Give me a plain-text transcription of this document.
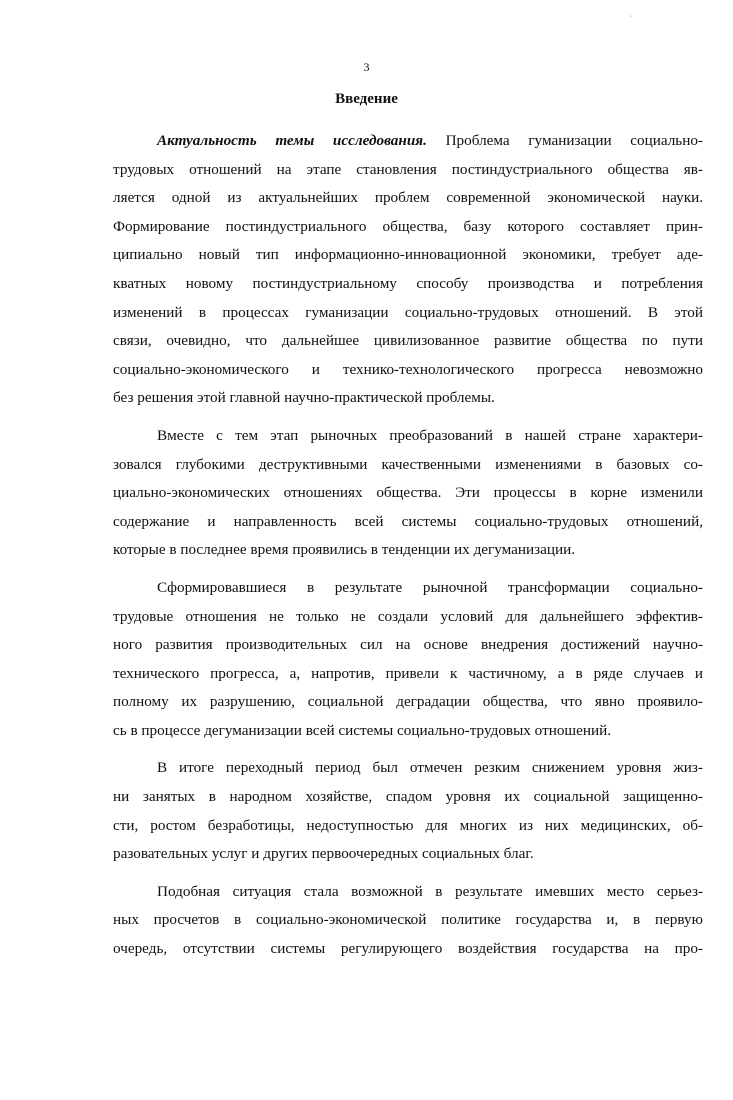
'
3
Введение
Актуальность темы исследования. Проблема гуманизации социально-
трудовых отношений на этапе становления постиндустриального общества яв-
ляется одной из актуальнейших проблем современной экономической науки.
Формирование постиндустриального общества, базу которого составляет прин-
ципиально новый тип информационно-инновационной экономики, требует аде-
кватных новому постиндустриальному способу производства и потребления
изменений в процессах гуманизации социально-трудовых отношений. В этой
связи, очевидно, что дальнейшее цивилизованное развитие общества по пути
социально-экономического и технико-технологического прогресса невозможно
без решения этой главной научно-практической проблемы.
Вместе с тем этап рыночных преобразований в нашей стране характери-
зовался глубокими деструктивными качественными изменениями в базовых со-
циально-экономических отношениях общества. Эти процессы в корне изменили
содержание и направленность всей системы социально-трудовых отношений,
которые в последнее время проявились в тенденции их дегуманизации.
Сформировавшиеся в результате рыночной трансформации социально-
трудовые отношения не только не создали условий для дальнейшего эффектив-
ного развития производительных сил на основе внедрения достижений научно-
технического прогресса, а, напротив, привели к частичному, а в ряде случаев и
полному их разрушению, социальной деградации общества, что явно проявило-
сь в процессе дегуманизации всей системы социально-трудовых отношений.
В итоге переходный период был отмечен резким снижением уровня жиз-
ни занятых в народном хозяйстве, спадом уровня их социальной защищенно-
сти, ростом безработицы, недоступностью для многих из них медицинских, об-
разовательных услуг и других первоочередных социальных благ.
Подобная ситуация стала возможной в результате имевших место серьез-
ных просчетов в социально-экономической политике государства и, в первую
очередь, отсутствии системы регулирующего воздействия государства на про-
